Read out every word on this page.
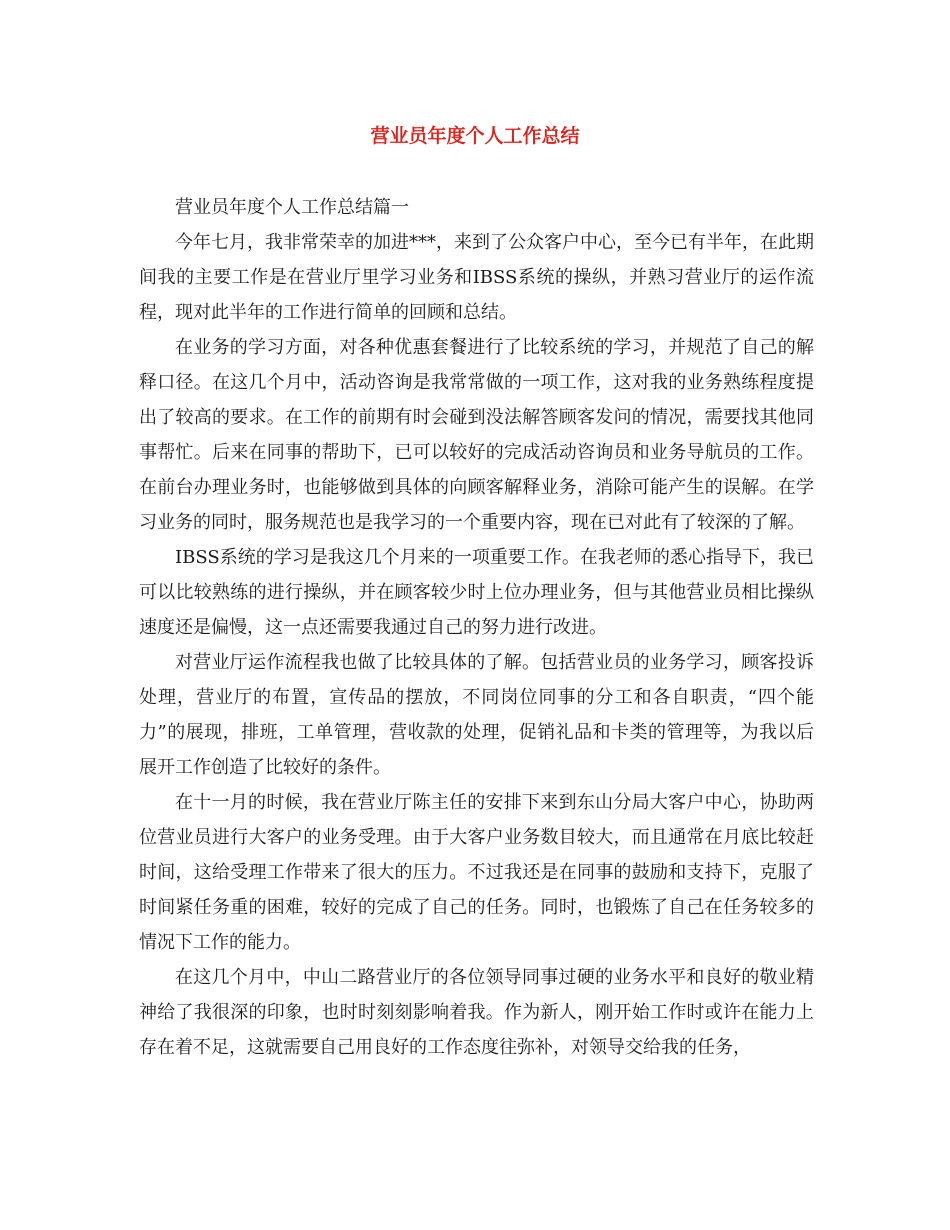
营业员年度个人工作总结

营业员年度个人工作总结篇一

今年七月，我非常荣幸的加进***，来到了公众客户中心，至今已有半年，在此期间我的主要工作是在营业厅里学习业务和IBSS系统的操纵，并熟习营业厅的运作流程，现对此半年的工作进行简单的回顾和总结。

在业务的学习方面，对各种优惠套餐进行了比较系统的学习，并规范了自己的解释口径。在这几个月中，活动咨询是我常常做的一项工作，这对我的业务熟练程度提出了较高的要求。在工作的前期有时会碰到没法解答顾客发问的情况，需要找其他同事帮忙。后来在同事的帮助下，已可以较好的完成活动咨询员和业务导航员的工作。在前台办理业务时，也能够做到具体的向顾客解释业务，消除可能产生的误解。在学习业务的同时，服务规范也是我学习的一个重要内容，现在已对此有了较深的了解。

IBSS系统的学习是我这几个月来的一项重要工作。在我老师的悉心指导下，我已可以比较熟练的进行操纵，并在顾客较少时上位办理业务，但与其他营业员相比操纵速度还是偏慢，这一点还需要我通过自己的努力进行改进。

对营业厅运作流程我也做了比较具体的了解。包括营业员的业务学习，顾客投诉处理，营业厅的布置，宣传品的摆放，不同岗位同事的分工和各自职责，“四个能力”的展现，排班，工单管理，营收款的处理，促销礼品和卡类的管理等，为我以后展开工作创造了比较好的条件。

在十一月的时候，我在营业厅陈主任的安排下来到东山分局大客户中心，协助两位营业员进行大客户的业务受理。由于大客户业务数目较大，而且通常在月底比较赶时间，这给受理工作带来了很大的压力。不过我还是在同事的鼓励和支持下，克服了时间紧任务重的困难，较好的完成了自己的任务。同时，也锻炼了自己在任务较多的情况下工作的能力。

在这几个月中，中山二路营业厅的各位领导同事过硬的业务水平和良好的敬业精神给了我很深的印象，也时时刻刻影响着我。作为新人，刚开始工作时或许在能力上存在着不足，这就需要自己用良好的工作态度往弥补，对领导交给我的任务，
